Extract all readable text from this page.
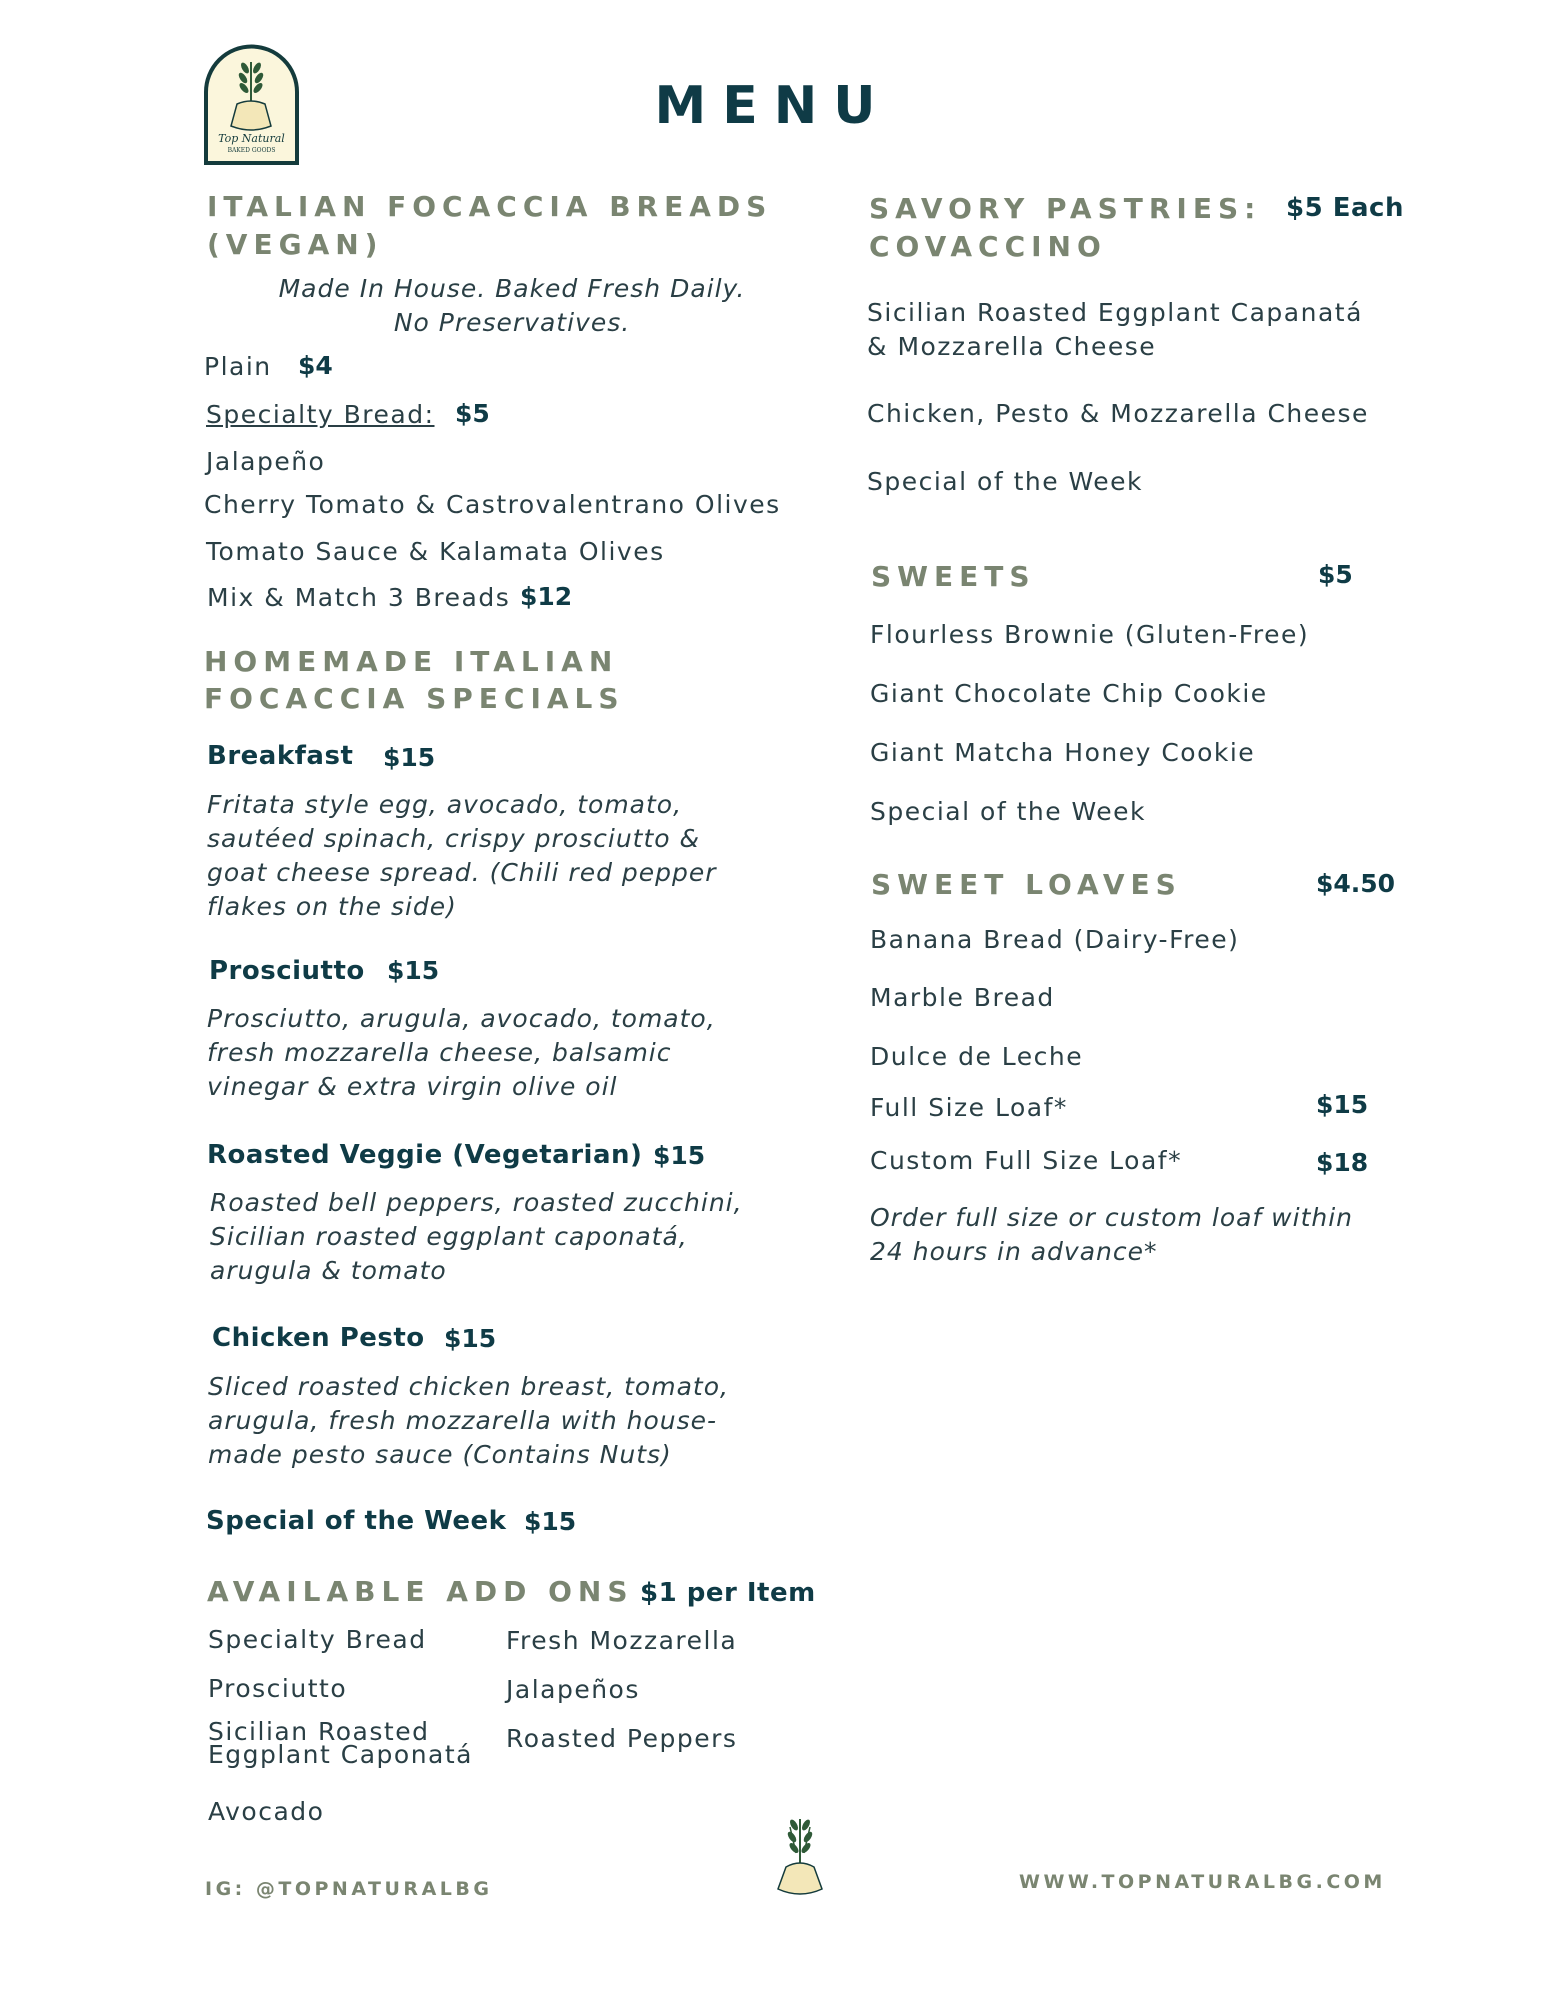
Top Natural
BAKED GOODS
MENU
ITALIAN FOCACCIA BREADS
(VEGAN)
Made In House. Baked Fresh Daily.
No Preservatives.
Plain $4
Specialty Bread: $5
Jalapeño
Cherry Tomato & Castrovalentrano Olives
Tomato Sauce & Kalamata Olives
Mix & Match 3 Breads $12
HOMEMADE ITALIAN
FOCACCIA SPECIALS
Breakfast $15
Fritata style egg, avocado, tomato,
sautéed spinach, crispy prosciutto &
goat cheese spread. (Chili red pepper
flakes on the side)
Prosciutto $15
Prosciutto, arugula, avocado, tomato,
fresh mozzarella cheese, balsamic
vinegar & extra virgin olive oil
Roasted Veggie (Vegetarian) $15
Roasted bell peppers, roasted zucchini,
Sicilian roasted eggplant caponatá,
arugula & tomato
Chicken Pesto $15
Sliced roasted chicken breast, tomato,
arugula, fresh mozzarella with house-
made pesto sauce (Contains Nuts)
Special of the Week $15
AVAILABLE ADD ONS $1 per Item
Specialty Bread
Prosciutto
Sicilian Roasted
Eggplant Caponatá
Avocado
Fresh Mozzarella
Jalapeños
Roasted Peppers
SAVORY PASTRIES:
COVACCINO
$5 Each
Sicilian Roasted Eggplant Capanatá
& Mozzarella Cheese
Chicken, Pesto & Mozzarella Cheese
Special of the Week
SWEETS	$5
Flourless Brownie (Gluten-Free)
Giant Chocolate Chip Cookie
Giant Matcha Honey Cookie
Special of the Week
SWEET LOAVES	$4.50
Banana Bread (Dairy-Free)
Marble Bread
Dulce de Leche
Full Size Loaf*	$15
Custom Full Size Loaf*	$18
Order full size or custom loaf within
24 hours in advance*
IG: @TOPNATURALBG	WWW.TOPNATURALBG.COM
